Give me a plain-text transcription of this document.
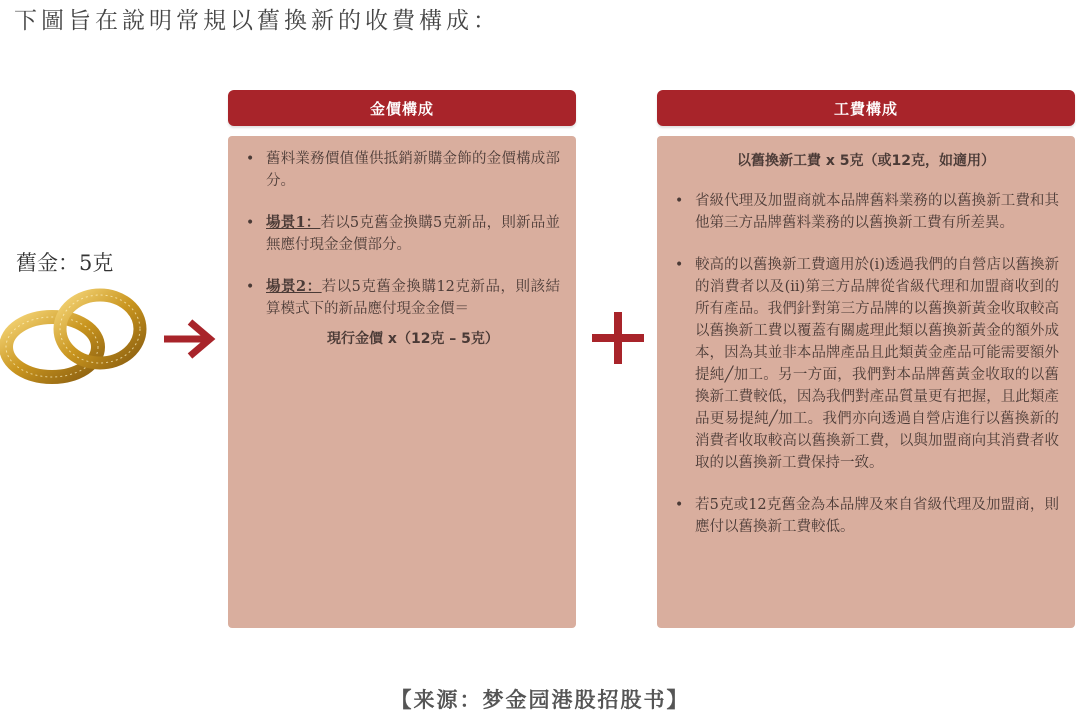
下圖旨在說明常規以舊換新的收費構成：
舊金：5克
金價構成
• 舊料業務價值僅供抵銷新購金飾的金價構成部分。
• 場景1：若以5克舊金換購5克新品，則新品並無應付現金金價部分。
• 場景2：若以5克舊金換購12克新品，則該結算模式下的新品應付現金金價＝
現行金價 x（12克 – 5克）
工費構成
以舊換新工費 x 5克（或12克，如適用）
• 省級代理及加盟商就本品牌舊料業務的以舊換新工費和其他第三方品牌舊料業務的以舊換新工費有所差異。
• 較高的以舊換新工費適用於(i)透過我們的自營店以舊換新的消費者以及(ii)第三方品牌從省級代理和加盟商收到的所有產品。我們針對第三方品牌的以舊換新黃金收取較高以舊換新工費以覆蓋有關處理此類以舊換新黃金的額外成本，因為其並非本品牌產品且此類黃金產品可能需要額外提純╱加工。另一方面，我們對本品牌舊黃金收取的以舊換新工費較低，因為我們對產品質量更有把握，且此類產品更易提純╱加工。我們亦向透過自營店進行以舊換新的消費者收取較高以舊換新工費，以與加盟商向其消費者收取的以舊換新工費保持一致。
• 若5克或12克舊金為本品牌及來自省級代理及加盟商，則應付以舊換新工費較低。
【来源：梦金园港股招股书】
